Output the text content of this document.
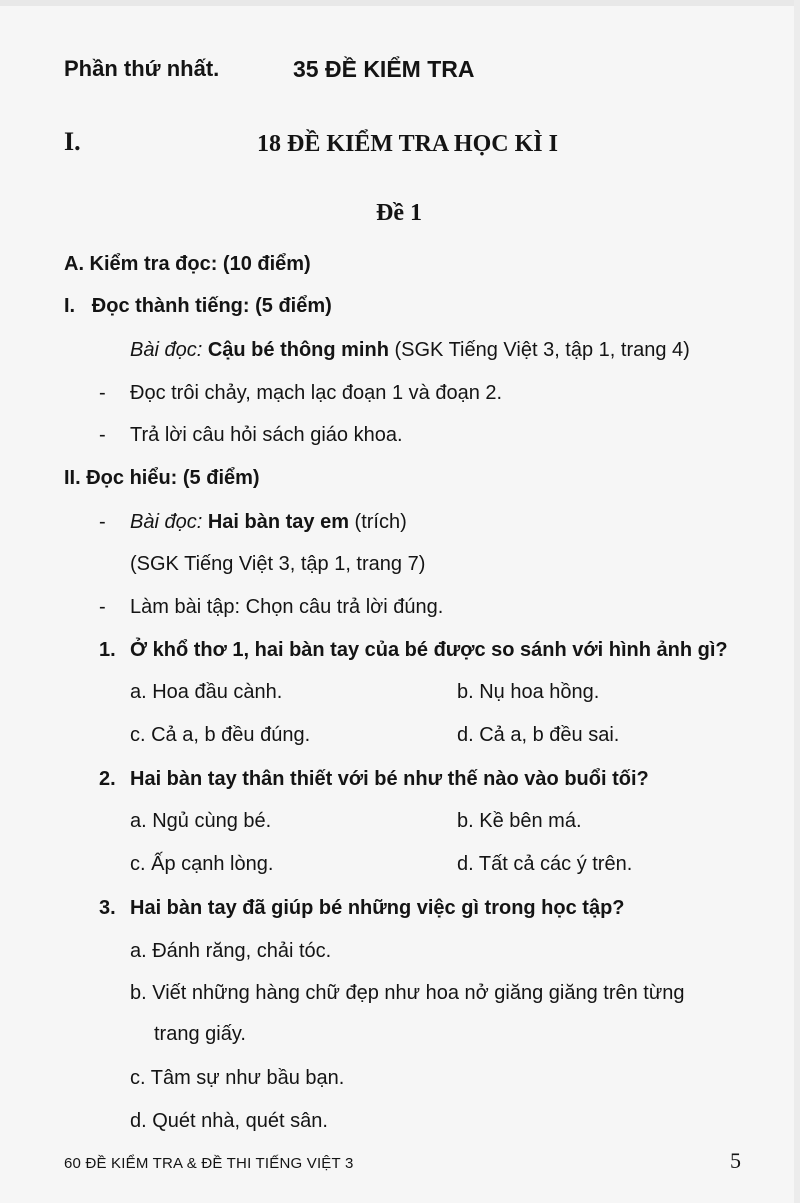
Phần thứ nhất.	35 ĐỀ KIỂM TRA
I.	18 ĐỀ KIỂM TRA HỌC KÌ I
Đề 1
A. Kiểm tra đọc: (10 điểm)
I.   Đọc thành tiếng: (5 điểm)
Bài đọc: Cậu bé thông minh (SGK Tiếng Việt 3, tập 1, trang 4)
- Đọc trôi chảy, mạch lạc đoạn 1 và đoạn 2.
- Trả lời câu hỏi sách giáo khoa.
II. Đọc hiểu: (5 điểm)
- Bài đọc: Hai bàn tay em (trích)
(SGK Tiếng Việt 3, tập 1, trang 7)
- Làm bài tập: Chọn câu trả lời đúng.
1. Ở khổ thơ 1, hai bàn tay của bé được so sánh với hình ảnh gì?
a. Hoa đầu cành.	b. Nụ hoa hồng.
c. Cả a, b đều đúng.	d. Cả a, b đều sai.
2. Hai bàn tay thân thiết với bé như thế nào vào buổi tối?
a. Ngủ cùng bé.	b. Kề bên má.
c. Ấp cạnh lòng.	d. Tất cả các ý trên.
3. Hai bàn tay đã giúp bé những việc gì trong học tập?
a. Đánh răng, chải tóc.
b. Viết những hàng chữ đẹp như hoa nở giăng giăng trên từng
trang giấy.
c. Tâm sự như bầu bạn.
d. Quét nhà, quét sân.
60 ĐỀ KIỂM TRA & ĐỀ THI TIẾNG VIỆT 3	5
